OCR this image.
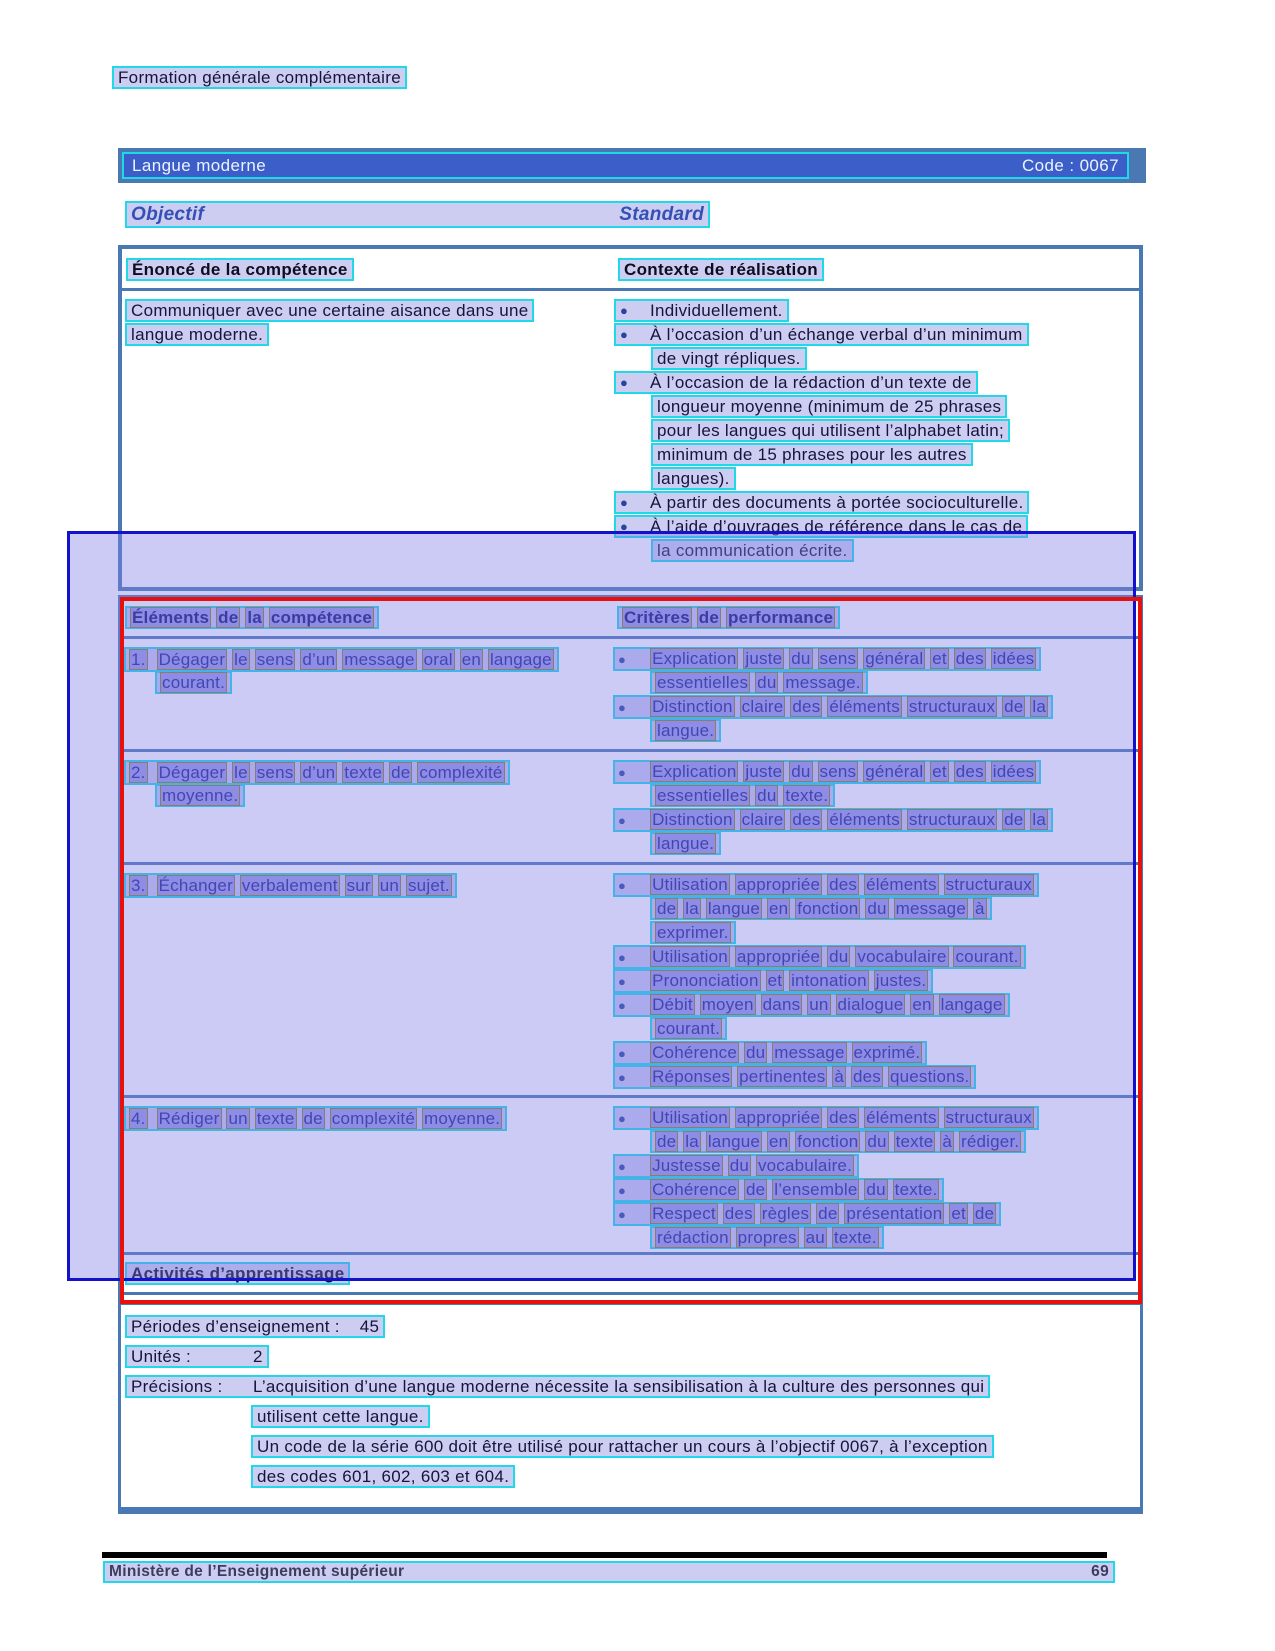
Formation générale complémentaire
Langue moderne	Code : 0067
Objectif	Standard
Énoncé de la compétence	Contexte de réalisation
Communiquer avec une certaine aisance dans une
langue moderne.
● Individuellement.
● À l’occasion d’un échange verbal d’un minimum
de vingt répliques.
● À l’occasion de la rédaction d’un texte de
longueur moyenne (minimum de 25 phrases
pour les langues qui utilisent l’alphabet latin;
minimum de 15 phrases pour les autres
langues).
● À partir des documents à portée socioculturelle.
● À l’aide d’ouvrages de référence dans le cas de
la communication écrite.
Éléments de la compétence	Critères de performance
1. Dégager le sens d’un message oral en langage
courant.
● Explication juste du sens général et des idées
essentielles du message.
● Distinction claire des éléments structuraux de la
langue.
2. Dégager le sens d’un texte de complexité
moyenne.
● Explication juste du sens général et des idées
essentielles du texte.
● Distinction claire des éléments structuraux de la
langue.
3. Échanger verbalement sur un sujet.	● Utilisation appropriée des éléments structuraux
de la langue en fonction du message à
exprimer.
● Utilisation appropriée du vocabulaire courant.
● Prononciation et intonation justes.
● Débit moyen dans un dialogue en langage
courant.
● Cohérence du message exprimé.
● Réponses pertinentes à des questions.
4. Rédiger un texte de complexité moyenne.	● Utilisation appropriée des éléments structuraux
de la langue en fonction du texte à rédiger.
● Justesse du vocabulaire.
● Cohérence de l’ensemble du texte.
● Respect des règles de présentation et de
rédaction propres au texte.
Activités d’apprentissage
Périodes d’enseignement : 45
Unités :	2
Précisions : L’acquisition d’une langue moderne nécessite la sensibilisation à la culture des personnes qui
utilisent cette langue.
Un code de la série 600 doit être utilisé pour rattacher un cours à l’objectif 0067, à l’exception
des codes 601, 602, 603 et 604.
Ministère de l’Enseignement supérieur	69
